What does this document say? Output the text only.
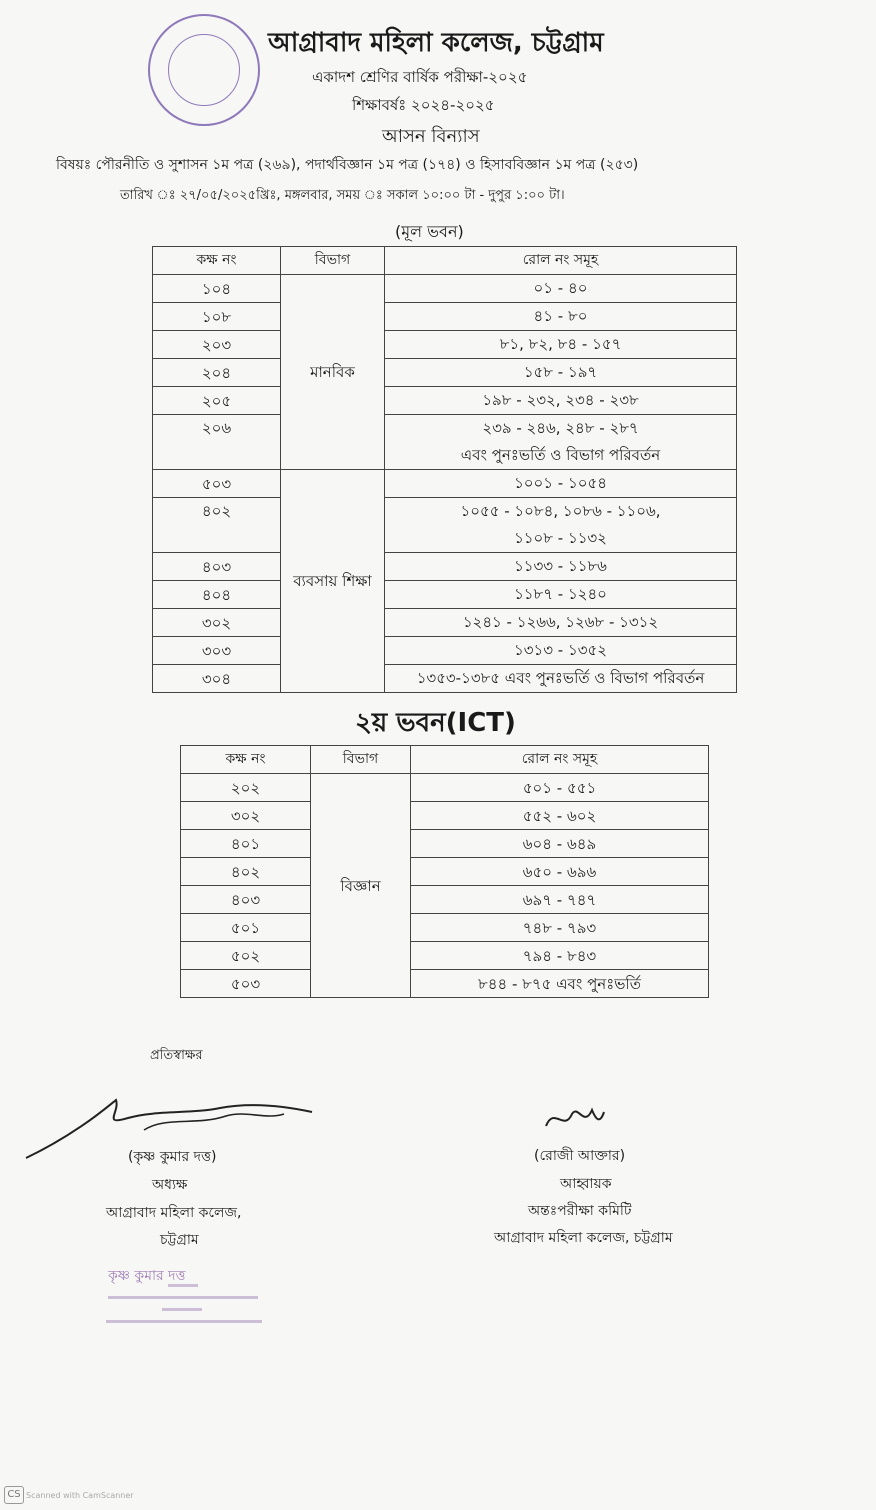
আগ্রাবাদ মহিলা কলেজ, চট্টগ্রাম
একাদশ শ্রেণির বার্ষিক পরীক্ষা-২০২৫
শিক্ষাবর্ষঃ ২০২৪-২০২৫
আসন বিন্যাস
বিষয়ঃ পৌরনীতি ও সুশাসন ১ম পত্র (২৬৯), পদার্থবিজ্ঞান ১ম পত্র (১৭৪) ও হিসাববিজ্ঞান ১ম পত্র (২৫৩)
তারিখ ঃ ২৭/০৫/২০২৫খ্রিঃ, মঙ্গলবার, সময় ঃ সকাল ১০:০০ টা - দুপুর ১:০০ টা।
(মূল ভবন)
কক্ষ নং	বিভাগ	রোল নং সমূহ
১০৪	মানবিক	০১ - ৪০

১০৮		৪১ - ৮০

২০৩		৮১, ৮২, ৮৪ - ১৫৭

২০৪		১৫৮ - ১৯৭

২০৫		১৯৮ - ২৩২, ২৩৪ - ২৩৮

২০৬		২৩৯ - ২৪৬, ২৪৮ - ২৮৭
এবং পুনঃভর্তি ও বিভাগ পরিবর্তন

৫০৩	ব্যবসায় শিক্ষা	১০০১ - ১০৫৪

৪০২		১০৫৫ - ১০৮৪, ১০৮৬ - ১১০৬,
১১০৮ - ১১৩২

৪০৩		১১৩৩ - ১১৮৬

৪০৪		১১৮৭ - ১২৪০

৩০২		১২৪১ - ১২৬৬, ১২৬৮ - ১৩১২

৩০৩		১৩১৩ - ১৩৫২

৩০৪		১৩৫৩-১৩৮৫ এবং পুনঃভর্তি ও বিভাগ পরিবর্তন
২য় ভবন(ICT)
কক্ষ নং	বিভাগ	রোল নং সমূহ
২০২	বিজ্ঞান	৫০১ - ৫৫১
৩০২		৫৫২ - ৬০২
৪০১		৬০৪ - ৬৪৯
৪০২		৬৫০ - ৬৯৬
৪০৩		৬৯৭ - ৭৪৭
৫০১		৭৪৮ - ৭৯৩
৫০২		৭৯৪ - ৮৪৩
৫০৩		৮৪৪ - ৮৭৫ এবং পুনঃভর্তি
প্রতিস্বাক্ষর
(কৃষ্ণ কুমার দত্ত)
অধ্যক্ষ
আগ্রাবাদ মহিলা কলেজ,
চট্টগ্রাম
কৃষ্ণ কুমার দত্ত
(রোজী আক্তার)
আহ্বায়ক
অন্তঃপরীক্ষা কমিটি
আগ্রাবাদ মহিলা কলেজ, চট্টগ্রাম
CS Scanned with CamScanner
